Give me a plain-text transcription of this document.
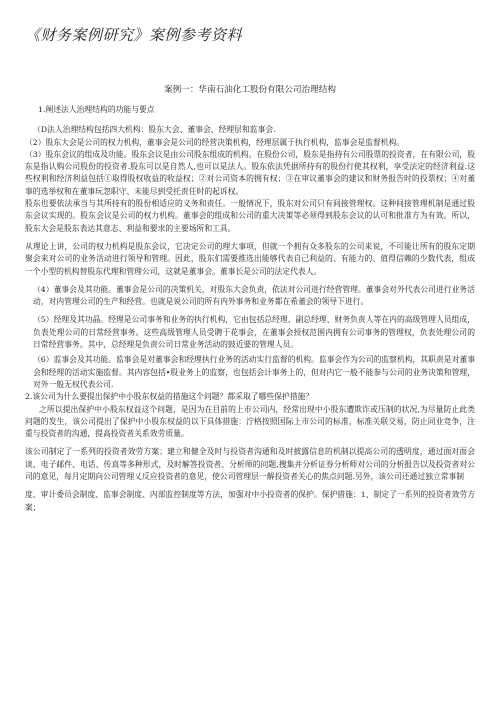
《财务案例研究》案例参考资料
案例一：华南石油化工股份有限公司治理结构

1.阐述法人治理结构的功能与要点

（D法人治理结构包括四大机构：股东大会、董事会、经理层和监事会.

（2）股东大会是公司的权力机构，董事会是公司的经营决策机构，经理层属于执行机构，监事会是监督机构。

（3）股东会议的组成及功能。股东会议是由公司股东组成的机构。在股份公司，股东是指持有公司股票的投资者，在有限公司，股东是指认购公司股份的投资者.股东可以是自然人,也可以是法人。股东依法凭据所持有的股份行使其权利，享受法定的经济利益.这些权利和经济利益包括①取得股权收益的收益权；②对公司资本的拥有权；③在审议董事会的建议和财务报告时的投票权；④对董事的选举权和在董事玩忽职守、未能尽到受托责任时的起诉权。

股东也要依法承当与其所持有的股份相适应的义务和责任。一般情况下，股东对公司只有间接管理权。这种间接管理机制是通过股东会议实现的。股东会议是公司的权力机构。董事会的组成和公司的重大决策等必须得到股东会议的认可和批准方为有效。所以，股东大会是股东表达其意志、利益和要求的主要场所和工具。

从理论上讲，公司的权力机构是股东会议，它决定公司的理大事项，但就一个拥有众多股东的公司来说，不可能让所有的股东定期聚会来对公司的业务活动进行领导和管理。因此，股东们需要推选出能够代表自己利益的、有能力的、值得信赖的少数代表，组成一个小型的机构替股东代理和管理公司，这就是董事会。董事长是公司的法定代表人。

（4）董事会及其功能。董事会是公司的决策机关，对股东大会负责，依法对公司进行经营管理。董事会对外代表公司进行业务活动，对内管理公司的生产和经营。也就是说公司的所有内外事务和业务都在希董会的领导下进行。

（5）经理及其功晶。经理是公司事务和业务的执行机构，它由包括总经理、副总经理、财务负责人等在内的高级管理人员组成，负表处理公司的日常经营事务。这些高级管理人员受聘于花事会，在董事会授权范围内拥有公司事务的管理权，负表处理公司的日常经营事务。其中，总经理是负责公司日常业务活动的鼓近要的管理人员。

（6）监事会及其功能。监事会是对董事会和经理执行业务的活动实行监督的机构。监事会作为公司的监察机构，其职责是对董事会和经理的活动实施监督。其内容包括•股业务上的监察，也包括会计事务上的，但对内它一般不能参与公司的业务决策和管理，对外一般无权代表公司.

2.该公司为什么要提出保护中小股东权益的措施这个问题？都采取了哪些保护措施？

之所以提出保护中小股东权益这个问题，是因为在目前的上市公司内，经常出现中小股东遭欺诈或压制的状况,为尽量防止此类问题的发生，该公司提出了保护中小股东权益的以下具体措施：泞格按照国际上市公司的标准，标准关联交易，防止同业竞争，注重与投资者的沟通，提高投资者关系效劳质量。

该公司制定了一系列的投资者效劳方案；建立和健全及时与投资者沟通和及时披露信息的机制以提高公司的透明度，通过面对面会谈、电子邮件、电话、传真等多种形式，及时解答投资者、分析师的问题,搜集并分析证券分析师对公司的分析报告以及投资者对公司的意见，每月定期向公司管理乂反应投资者的意见，使公司管理层一解投资者关心的焦点问题.另外，该公司还通过独立常事制

度、审计委员会制度、监事会制度、内部监控制度等方法，加强对中小投资者的保护。保护措施：1、制定了一系列的投资者效劳方案；
